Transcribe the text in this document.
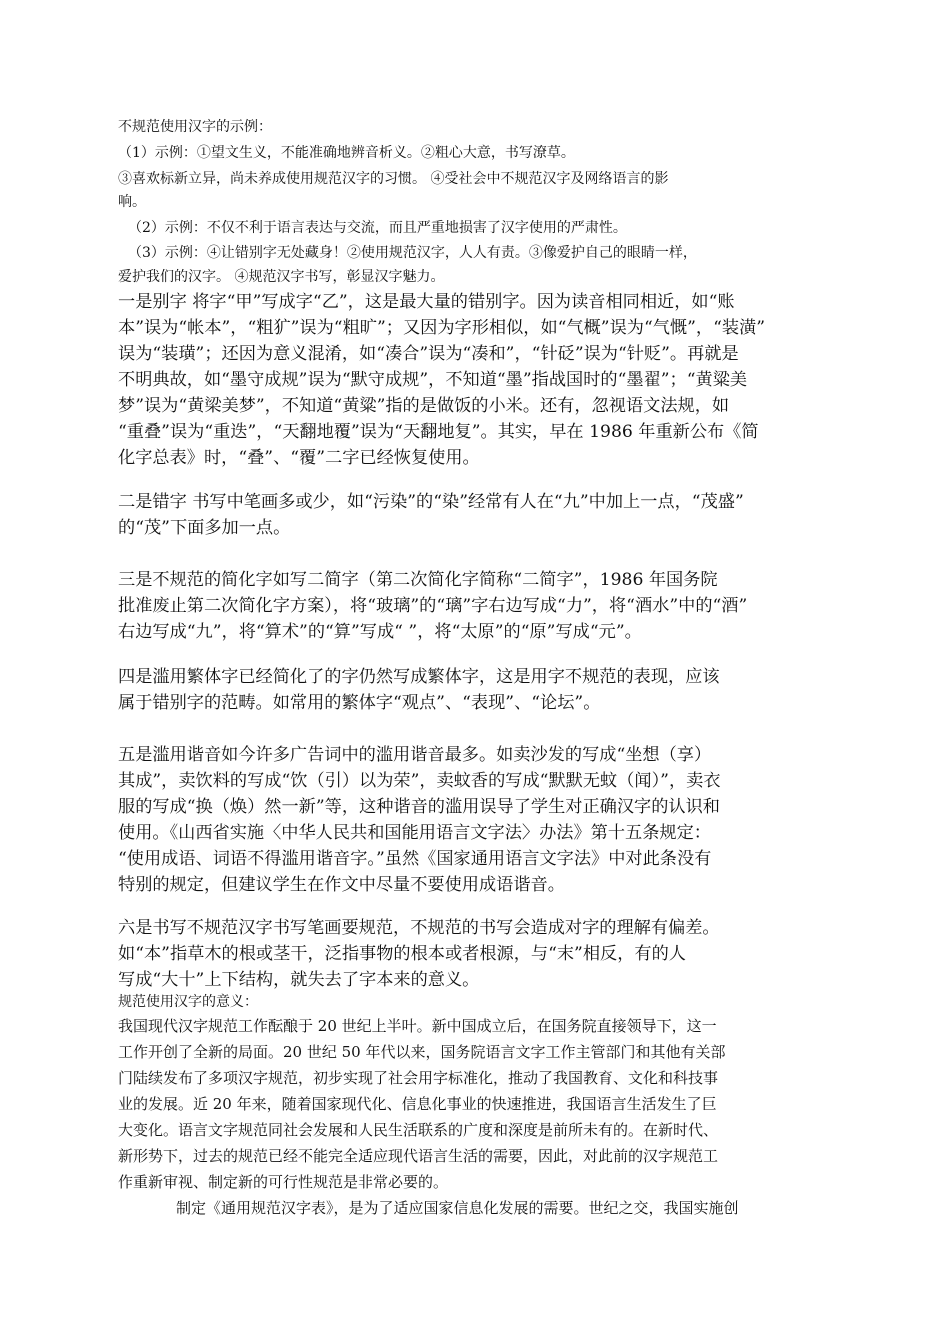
不规范使用汉字的示例：
（1）示例：①望文生义，不能准确地辨音析义。②粗心大意，书写潦草。
③喜欢标新立异，尚未养成使用规范汉字的习惯。 ④受社会中不规范汉字及网络语言的影
响。
（2）示例：不仅不利于语言表达与交流，而且严重地损害了汉字使用的严肃性。
（3）示例：④让错别字无处藏身！②使用规范汉字，人人有责。③像爱护自己的眼睛一样，
爱护我们的汉字。 ④规范汉字书写，彰显汉字魅力。
一是别字 将字“甲”写成字“乙”，这是最大量的错别字。因为读音相同相近，如“账
本”误为“帐本”，“粗犷”误为“粗旷”；又因为字形相似，如“气概”误为“气慨”，“装潢”
误为“装璜”；还因为意义混淆，如“凑合”误为“凑和”，“针砭”误为“针贬”。再就是
不明典故，如“墨守成规”误为“默守成规”，不知道“墨”指战国时的“墨翟”；“黄粱美
梦”误为“黄梁美梦”，不知道“黄粱”指的是做饭的小米。还有，忽视语文法规，如
“重叠”误为“重迭”，“天翻地覆”误为“天翻地复”。其实，早在 1986 年重新公布《简
化字总表》时，“叠”、“覆”二字已经恢复使用。
二是错字 书写中笔画多或少，如“污染”的“染”经常有人在“九”中加上一点，“茂盛”
的“茂”下面多加一点。
三是不规范的简化字如写二简字（第二次简化字简称“二简字”，1986 年国务院
批准废止第二次简化字方案），将“玻璃”的“璃”字右边写成“力”，将“酒水”中的“酒”
右边写成“九”，将“算术”的“算”写成“ ”，将“太原”的“原”写成“元”。
四是滥用繁体字已经简化了的字仍然写成繁体字，这是用字不规范的表现，应该
属于错别字的范畴。如常用的繁体字“观点”、“表现”、“论坛”。
五是滥用谐音如今许多广告词中的滥用谐音最多。如卖沙发的写成“坐想（享）
其成”，卖饮料的写成“饮（引）以为荣”，卖蚊香的写成“默默无蚊（闻）”，卖衣
服的写成“换（焕）然一新”等，这种谐音的滥用误导了学生对正确汉字的认识和
使用。《山西省实施〈中华人民共和国能用语言文字法〉办法》第十五条规定：
“使用成语、词语不得滥用谐音字。”虽然《国家通用语言文字法》中对此条没有
特别的规定，但建议学生在作文中尽量不要使用成语谐音。
六是书写不规范汉字书写笔画要规范，不规范的书写会造成对字的理解有偏差。
如“本”指草木的根或茎干，泛指事物的根本或者根源，与“末”相反，有的人
写成“大十”上下结构，就失去了字本来的意义。
规范使用汉字的意义：
我国现代汉字规范工作酝酿于 20 世纪上半叶。新中国成立后，在国务院直接领导下，这一
工作开创了全新的局面。20 世纪 50 年代以来，国务院语言文字工作主管部门和其他有关部
门陆续发布了多项汉字规范，初步实现了社会用字标准化，推动了我国教育、文化和科技事
业的发展。近 20 年来，随着国家现代化、信息化事业的快速推进，我国语言生活发生了巨
大变化。语言文字规范同社会发展和人民生活联系的广度和深度是前所未有的。在新时代、
新形势下，过去的规范已经不能完全适应现代语言生活的需要，因此，对此前的汉字规范工
作重新审视、制定新的可行性规范是非常必要的。
制定《通用规范汉字表》，是为了适应国家信息化发展的需要。世纪之交，我国实施创
